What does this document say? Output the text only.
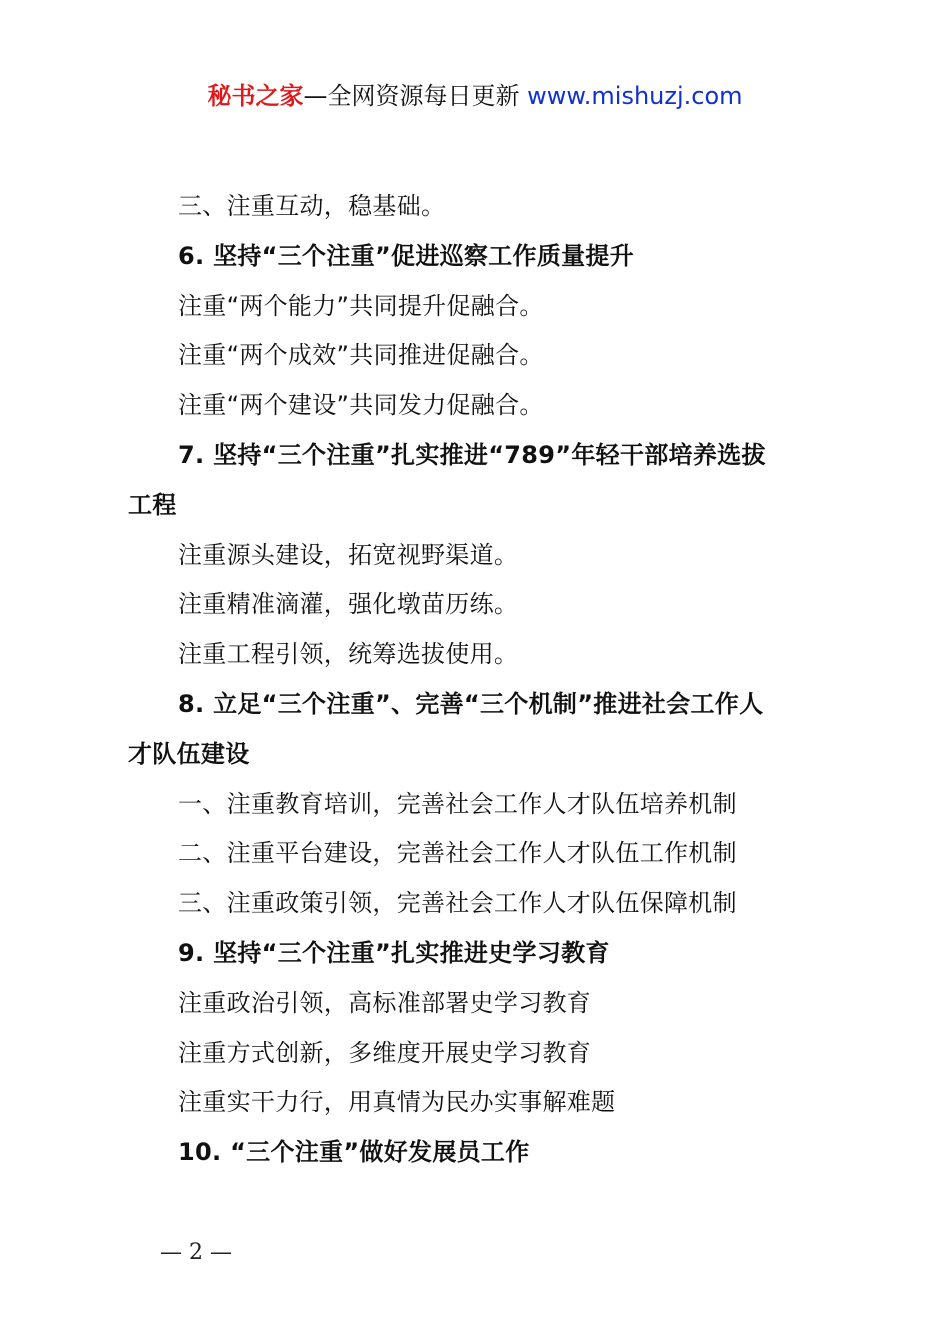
秘书之家—全网资源每日更新 www.mishuzj.com
三、注重互动，稳基础。
6. 坚持“三个注重”促进巡察工作质量提升
注重“两个能力”共同提升促融合。
注重“两个成效”共同推进促融合。
注重“两个建设”共同发力促融合。
7. 坚持“三个注重”扎实推进“789”年轻干部培养选拔
工程
注重源头建设，拓宽视野渠道。
注重精准滴灌，强化墩苗历练。
注重工程引领，统筹选拔使用。
8. 立足“三个注重”、完善“三个机制”推进社会工作人
才队伍建设
一、注重教育培训，完善社会工作人才队伍培养机制
二、注重平台建设，完善社会工作人才队伍工作机制
三、注重政策引领，完善社会工作人才队伍保障机制
9. 坚持“三个注重”扎实推进史学习教育
注重政治引领，高标准部署史学习教育
注重方式创新，多维度开展史学习教育
注重实干力行，用真情为民办实事解难题
10. “三个注重”做好发展员工作
— 2 —
